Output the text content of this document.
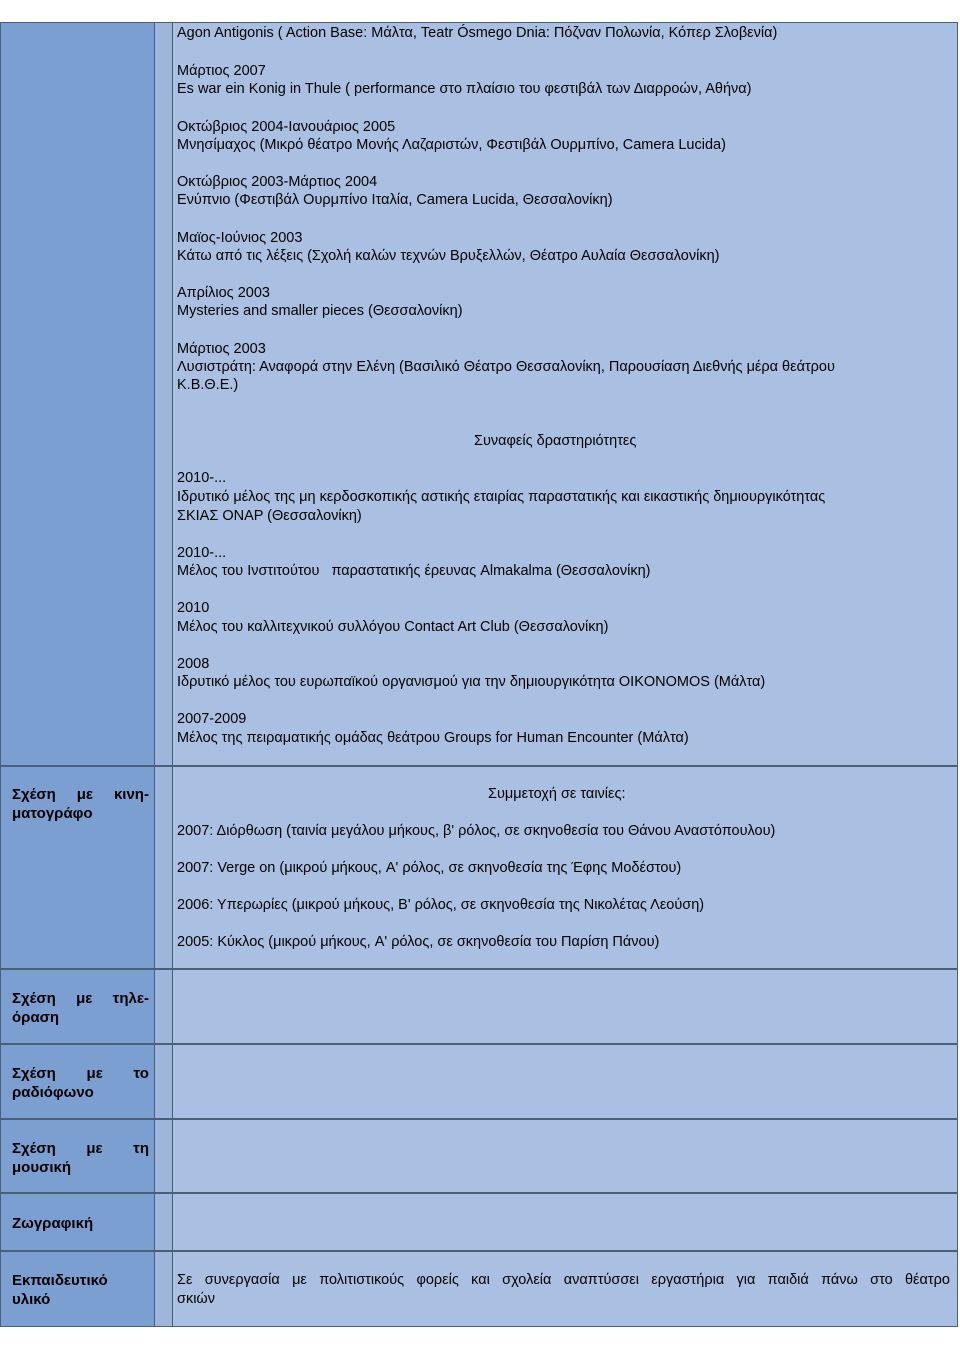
Agon Antigonis ( Action Base: Μάλτα, Teatr Ósmego Dnia: Πόζναν Πολωνία, Κόπερ Σλοβενία)
Μάρτιος 2007
Es war ein Konig in Thule ( performance στο πλαίσιο του φεστιβάλ των Διαρροών, Αθήνα)
Οκτώβριος 2004-Ιανουάριος 2005
Μνησίμαχος (Μικρό θέατρο Μονής Λαζαριστών, Φεστιβάλ Ουρμπίνο, Camera Lucida)
Οκτώβριος 2003-Μάρτιος 2004
Ενύπνιο (Φεστιβάλ Ουρμπίνο Ιταλία, Camera Lucida, Θεσσαλονίκη)
Μαϊος-Ιούνιος 2003
Κάτω από τις λέξεις (Σχολή καλών τεχνών Βρυξελλών, Θέατρο Αυλαία Θεσσαλονίκη)
Απρίλιος 2003
Mysteries and smaller pieces (Θεσσαλονίκη)
Μάρτιος 2003
Λυσιστράτη: Αναφορά στην Ελένη (Βασιλικό Θέατρο Θεσσαλονίκη, Παρουσίαση Διεθνής μέρα θεάτρου
Κ.Β.Θ.Ε.)
Συναφείς δραστηριότητες
2010-...
Ιδρυτικό μέλος της μη κερδοσκοπικής αστικής εταιρίας παραστατικής και εικαστικής δημιουργικότητας
ΣΚΙΑΣ ΟΝΑΡ (Θεσσαλονίκη)
2010-...
Μέλος του Ινστιτούτου   παραστατικής έρευνας Almakalma (Θεσσαλονίκη)
2010
Μέλος του καλλιτεχνικού συλλόγου Contact Art Club (Θεσσαλονίκη)
2008
Ιδρυτικό μέλος του ευρωπαϊκού οργανισμού για την δημιουργικότητα OIKONOMOS (Μάλτα)
2007-2009
Μέλος της πειραματικής ομάδας θεάτρου Groups for Human Encounter (Μάλτα)
Σχέση με κινη-
ματογράφο
Συμμετοχή σε ταινίες:
2007: Διόρθωση (ταινία μεγάλου μήκους, β' ρόλος, σε σκηνοθεσία του Θάνου Αναστόπουλου)
2007: Verge on (μικρού μήκους, A' ρόλος, σε σκηνοθεσία της Έφης Μοδέστου)
2006: Υπερωρίες (μικρού μήκους, B' ρόλος, σε σκηνοθεσία της Νικολέτας Λεούση)
2005: Κύκλος (μικρού μήκους, A' ρόλος, σε σκηνοθεσία του Παρίση Πάνου)
Σχέση με τηλε-
όραση
Σχέση με το
ραδιόφωνο
Σχέση με τη
μουσική
Ζωγραφική
Εκπαιδευτικό
υλικό
Σε συνεργασία με πολιτιστικούς φορείς και σχολεία αναπτύσσει εργαστήρια για παιδιά πάνω στο θέατρο
σκιών
